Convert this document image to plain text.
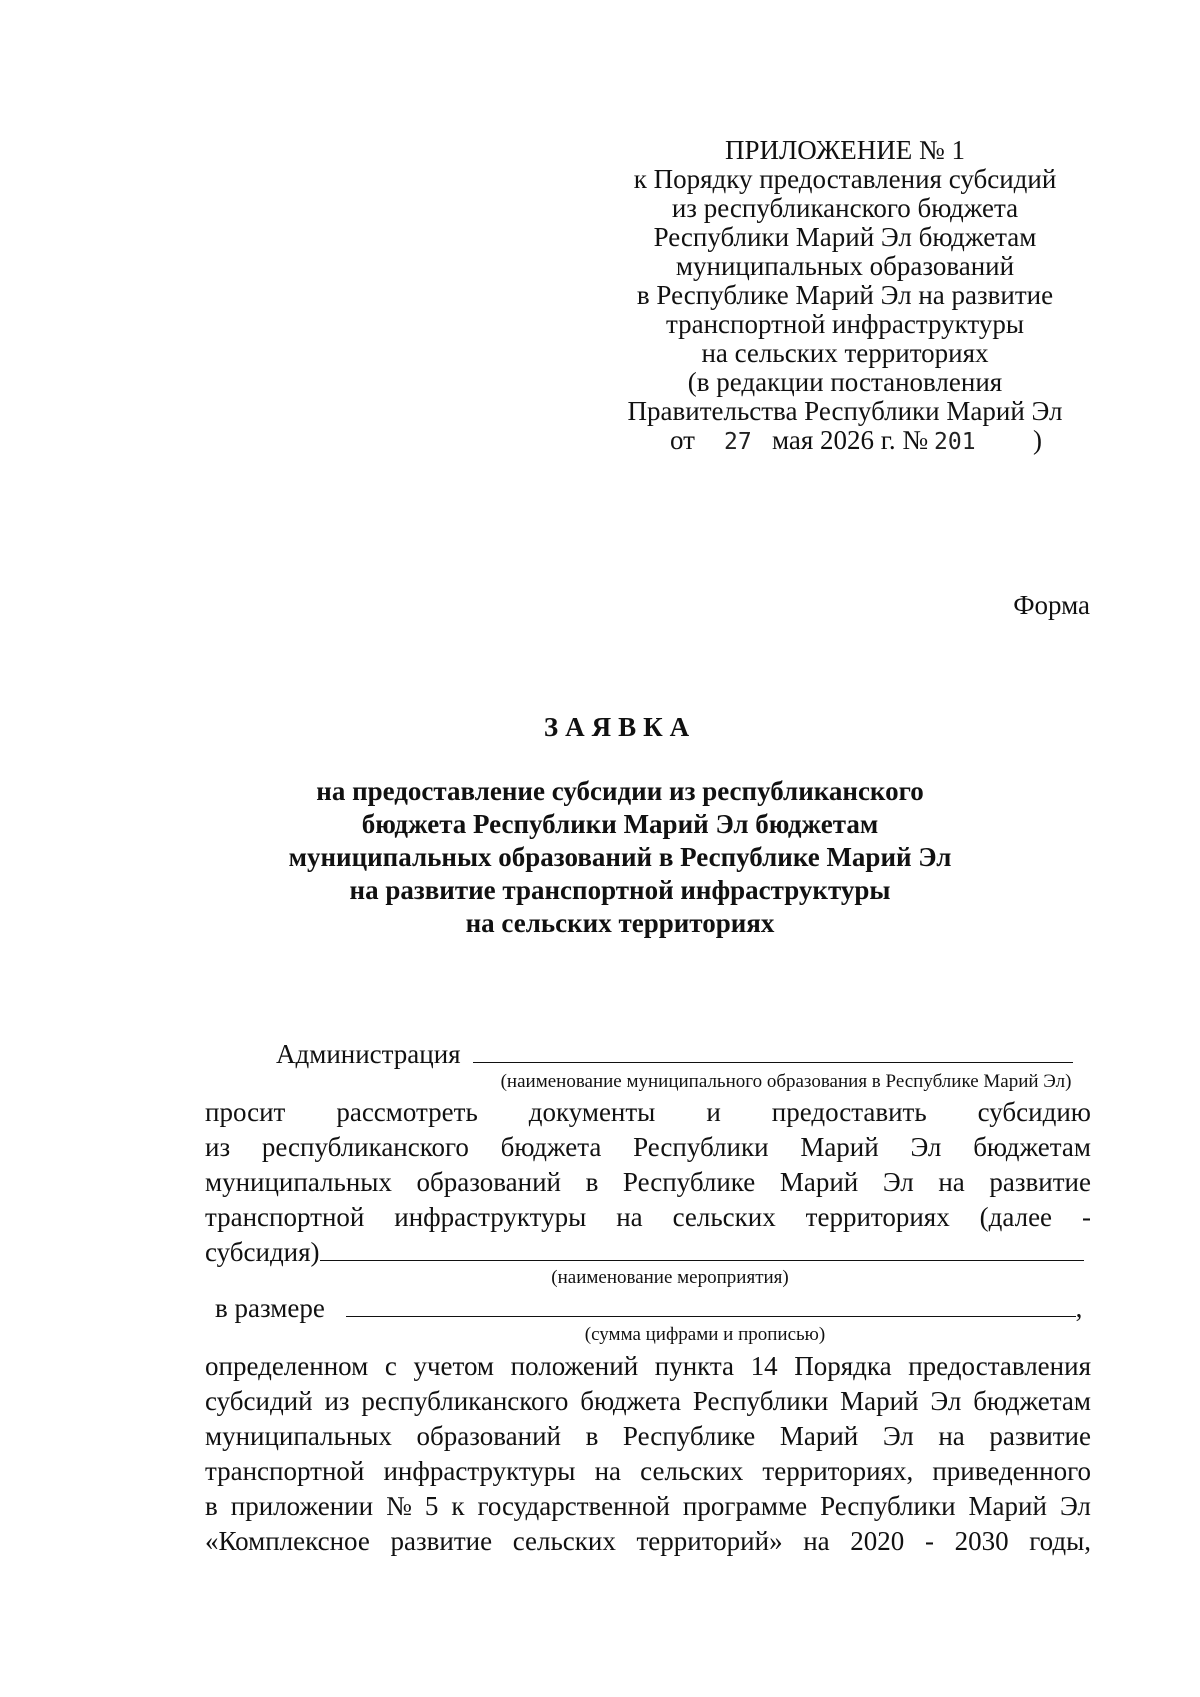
ПРИЛОЖЕНИЕ № 1
к Порядку предоставления субсидий
из республиканского бюджета
Республики Марий Эл бюджетам
муниципальных образований
в Республике Марий Эл на развитие
транспортной инфраструктуры
на сельских территориях
(в редакции постановления
Правительства Республики Марий Эл
от 27 мая 2026 г. № 201 )
Форма
ЗАЯВКА
на предоставление субсидии из республиканского
бюджета Республики Марий Эл бюджетам
муниципальных образований в Республике Марий Эл
на развитие транспортной инфраструктуры
на сельских территориях
Администрация
(наименование муниципального образования в Республике Марий Эл)
просит рассмотреть документы и предоставить субсидию
из республиканского бюджета Республики Марий Эл бюджетам
муниципальных образований в Республике Марий Эл на развитие
транспортной инфраструктуры на сельских территориях (далее -
субсидия)
(наименование мероприятия)
в размере	,
(сумма цифрами и прописью)
определенном с учетом положений пункта 14 Порядка предоставления
субсидий из республиканского бюджета Республики Марий Эл бюджетам
муниципальных образований в Республике Марий Эл на развитие
транспортной инфраструктуры на сельских территориях, приведенного
в приложении № 5 к государственной программе Республики Марий Эл
«Комплексное развитие сельских территорий» на 2020 - 2030 годы,
